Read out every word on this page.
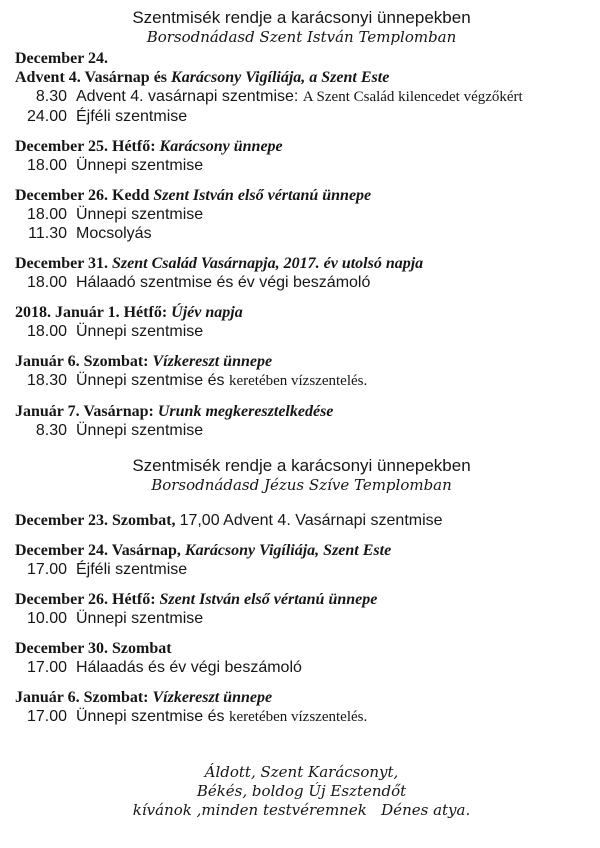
Szentmisék rendje a karácsonyi ünnepekben
Borsodnádasd Szent István Templomban
December 24.
Advent 4. Vasárnap és Karácsony Vigíliája, a Szent Este
8.30 Advent 4. vasárnapi szentmise: A Szent Család kilencedet végzőkért
24.00 Éjféli szentmise
December 25. Hétfő: Karácsony ünnepe
18.00 Ünnepi szentmise
December 26. Kedd Szent István első vértanú ünnepe
18.00 Ünnepi szentmise
11.30 Mocsolyás
December 31. Szent Család Vasárnapja, 2017. év utolsó napja
18.00 Hálaadó szentmise és év végi beszámoló
2018. Január 1. Hétfő: Újév napja
18.00 Ünnepi szentmise
Január 6. Szombat: Vízkereszt ünnepe
18.30 Ünnepi szentmise és keretében vízszentelés.
Január 7. Vasárnap: Urunk megkeresztelkedése
8.30 Ünnepi szentmise
Szentmisék rendje a karácsonyi ünnepekben
Borsodnádasd Jézus Szíve Templomban
December 23. Szombat, 17,00 Advent 4. Vasárnapi szentmise
December 24. Vasárnap, Karácsony Vigíliája, Szent Este
17.00 Éjféli szentmise
December 26. Hétfő: Szent István első vértanú ünnepe
10.00 Ünnepi szentmise
December 30. Szombat
17.00 Hálaadás és év végi beszámoló
Január 6. Szombat: Vízkereszt ünnepe
17.00 Ünnepi szentmise és keretében vízszentelés.
Áldott, Szent Karácsonyt,
Békés, boldog Új Esztendőt
kívánok ,minden testvéremnek   Dénes atya.
